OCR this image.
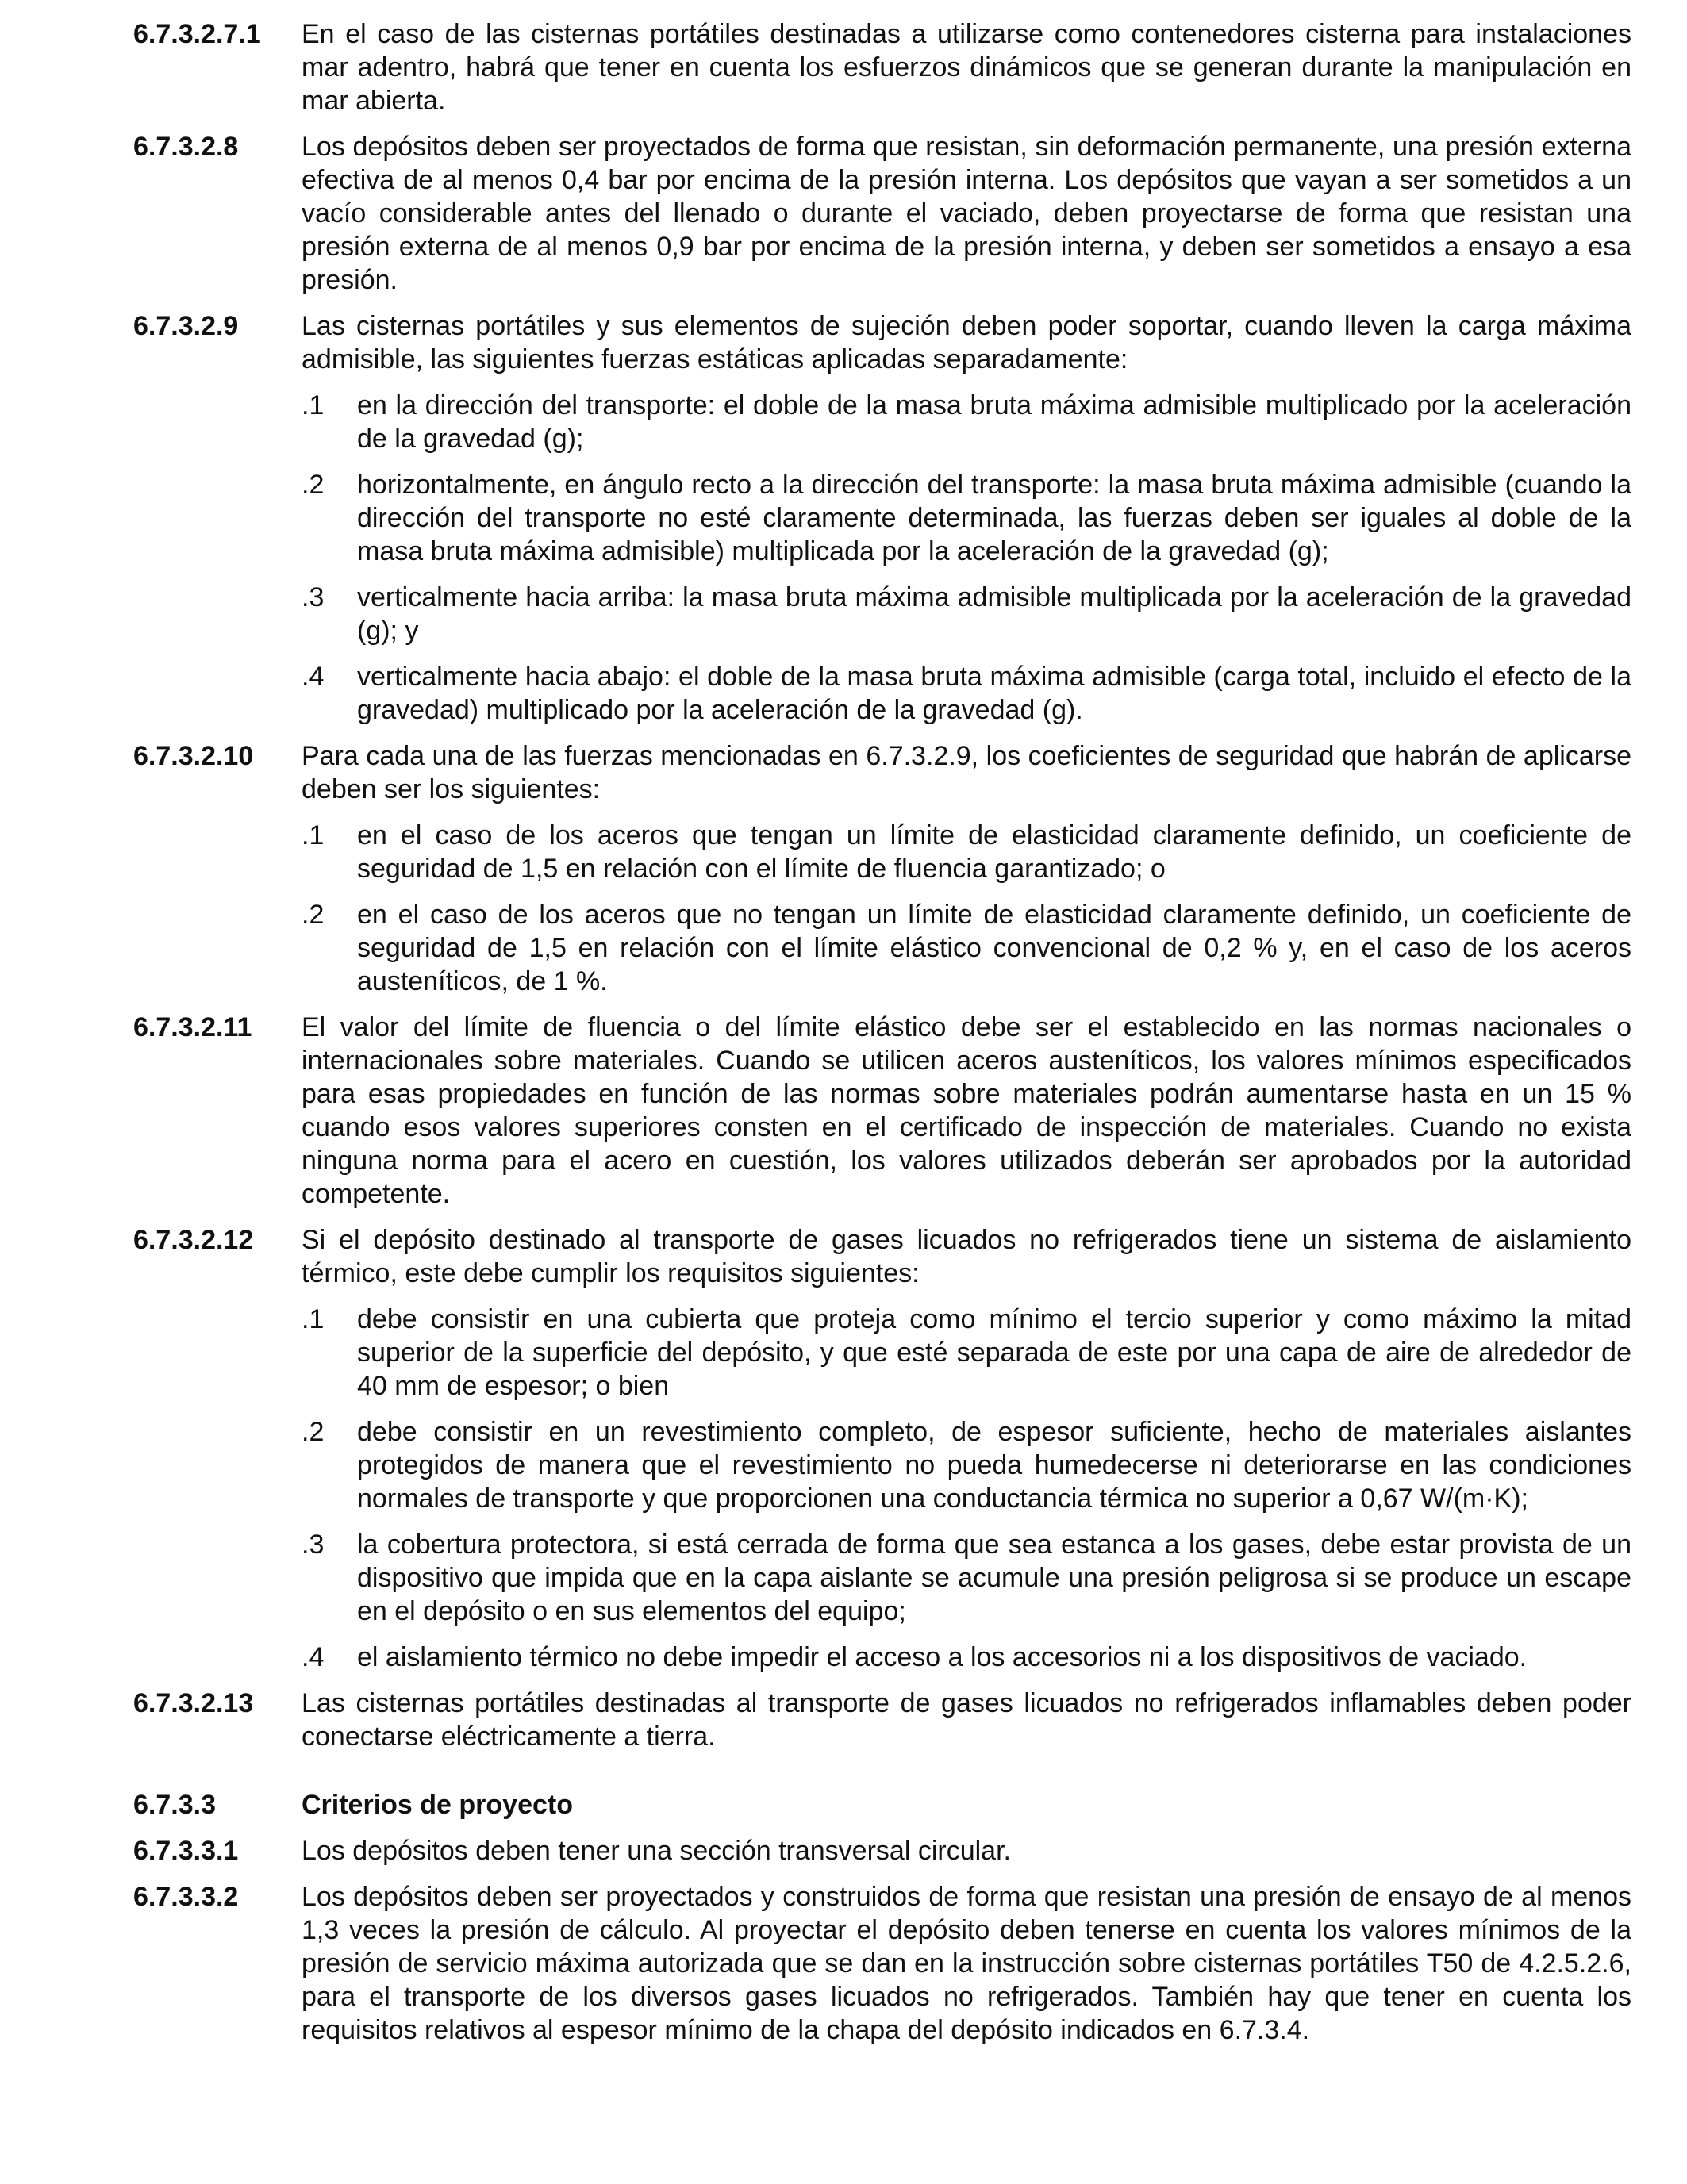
6.7.3.2.7.1	En el caso de las cisternas portátiles destinadas a utilizarse como contenedores cisterna para instalaciones mar adentro, habrá que tener en cuenta los esfuerzos dinámicos que se generan durante la manipulación en mar abierta.

6.7.3.2.8	Los depósitos deben ser proyectados de forma que resistan, sin deformación permanente, una presión externa efectiva de al menos 0,4 bar por encima de la presión interna. Los depósitos que vayan a ser sometidos a un vacío considerable antes del llenado o durante el vaciado, deben proyectarse de forma que resistan una presión externa de al menos 0,9 bar por encima de la presión interna, y deben ser sometidos a ensayo a esa presión.

6.7.3.2.9	Las cisternas portátiles y sus elementos de sujeción deben poder soportar, cuando lleven la carga máxima admisible, las siguientes fuerzas estáticas aplicadas separadamente:

.1	en la dirección del transporte: el doble de la masa bruta máxima admisible multiplicado por la aceleración de la gravedad (g);
.2	horizontalmente, en ángulo recto a la dirección del transporte: la masa bruta máxima admisible (cuando la dirección del transporte no esté claramente determinada, las fuerzas deben ser iguales al doble de la masa bruta máxima admisible) multiplicada por la aceleración de la gravedad (g);
.3	verticalmente hacia arriba: la masa bruta máxima admisible multiplicada por la aceleración de la gravedad (g); y
.4	verticalmente hacia abajo: el doble de la masa bruta máxima admisible (carga total, incluido el efecto de la gravedad) multiplicado por la aceleración de la gravedad (g).
6.7.3.2.10	Para cada una de las fuerzas mencionadas en 6.7.3.2.9, los coeficientes de seguridad que habrán de aplicarse deben ser los siguientes:

.1	en el caso de los aceros que tengan un límite de elasticidad claramente definido, un coeficiente de seguridad de 1,5 en relación con el límite de fluencia garantizado; o
.2	en el caso de los aceros que no tengan un límite de elasticidad claramente definido, un coeficiente de seguridad de 1,5 en relación con el límite elástico convencional de 0,2 % y, en el caso de los aceros austeníticos, de 1 %.
6.7.3.2.11	El valor del límite de fluencia o del límite elástico debe ser el establecido en las normas nacionales o internacionales sobre materiales. Cuando se utilicen aceros austeníticos, los valores mínimos especificados para esas propiedades en función de las normas sobre materiales podrán aumentarse hasta en un 15 % cuando esos valores superiores consten en el certificado de inspección de materiales. Cuando no exista ninguna norma para el acero en cuestión, los valores utilizados deberán ser aprobados por la autoridad competente.

6.7.3.2.12	Si el depósito destinado al transporte de gases licuados no refrigerados tiene un sistema de aislamiento térmico, este debe cumplir los requisitos siguientes:

.1	debe consistir en una cubierta que proteja como mínimo el tercio superior y como máximo la mitad superior de la superficie del depósito, y que esté separada de este por una capa de aire de alrededor de 40 mm de espesor; o bien
.2	debe consistir en un revestimiento completo, de espesor suficiente, hecho de materiales aislantes protegidos de manera que el revestimiento no pueda humedecerse ni deteriorarse en las condiciones normales de transporte y que proporcionen una conductancia térmica no superior a 0,67 W/(m·K);
.3	la cobertura protectora, si está cerrada de forma que sea estanca a los gases, debe estar provista de un dispositivo que impida que en la capa aislante se acumule una presión peligrosa si se produce un escape en el depósito o en sus elementos del equipo;
.4	el aislamiento térmico no debe impedir el acceso a los accesorios ni a los dispositivos de vaciado.
6.7.3.2.13	Las cisternas portátiles destinadas al transporte de gases licuados no refrigerados inflamables deben poder conectarse eléctricamente a tierra.

6.7.3.3	Criterios de proyecto

6.7.3.3.1	Los depósitos deben tener una sección transversal circular.

6.7.3.3.2	Los depósitos deben ser proyectados y construidos de forma que resistan una presión de ensayo de al menos 1,3 veces la presión de cálculo. Al proyectar el depósito deben tenerse en cuenta los valores mínimos de la presión de servicio máxima autorizada que se dan en la instrucción sobre cisternas portátiles T50 de 4.2.5.2.6, para el transporte de los diversos gases licuados no refrigerados. También hay que tener en cuenta los requisitos relativos al espesor mínimo de la chapa del depósito indicados en 6.7.3.4.
